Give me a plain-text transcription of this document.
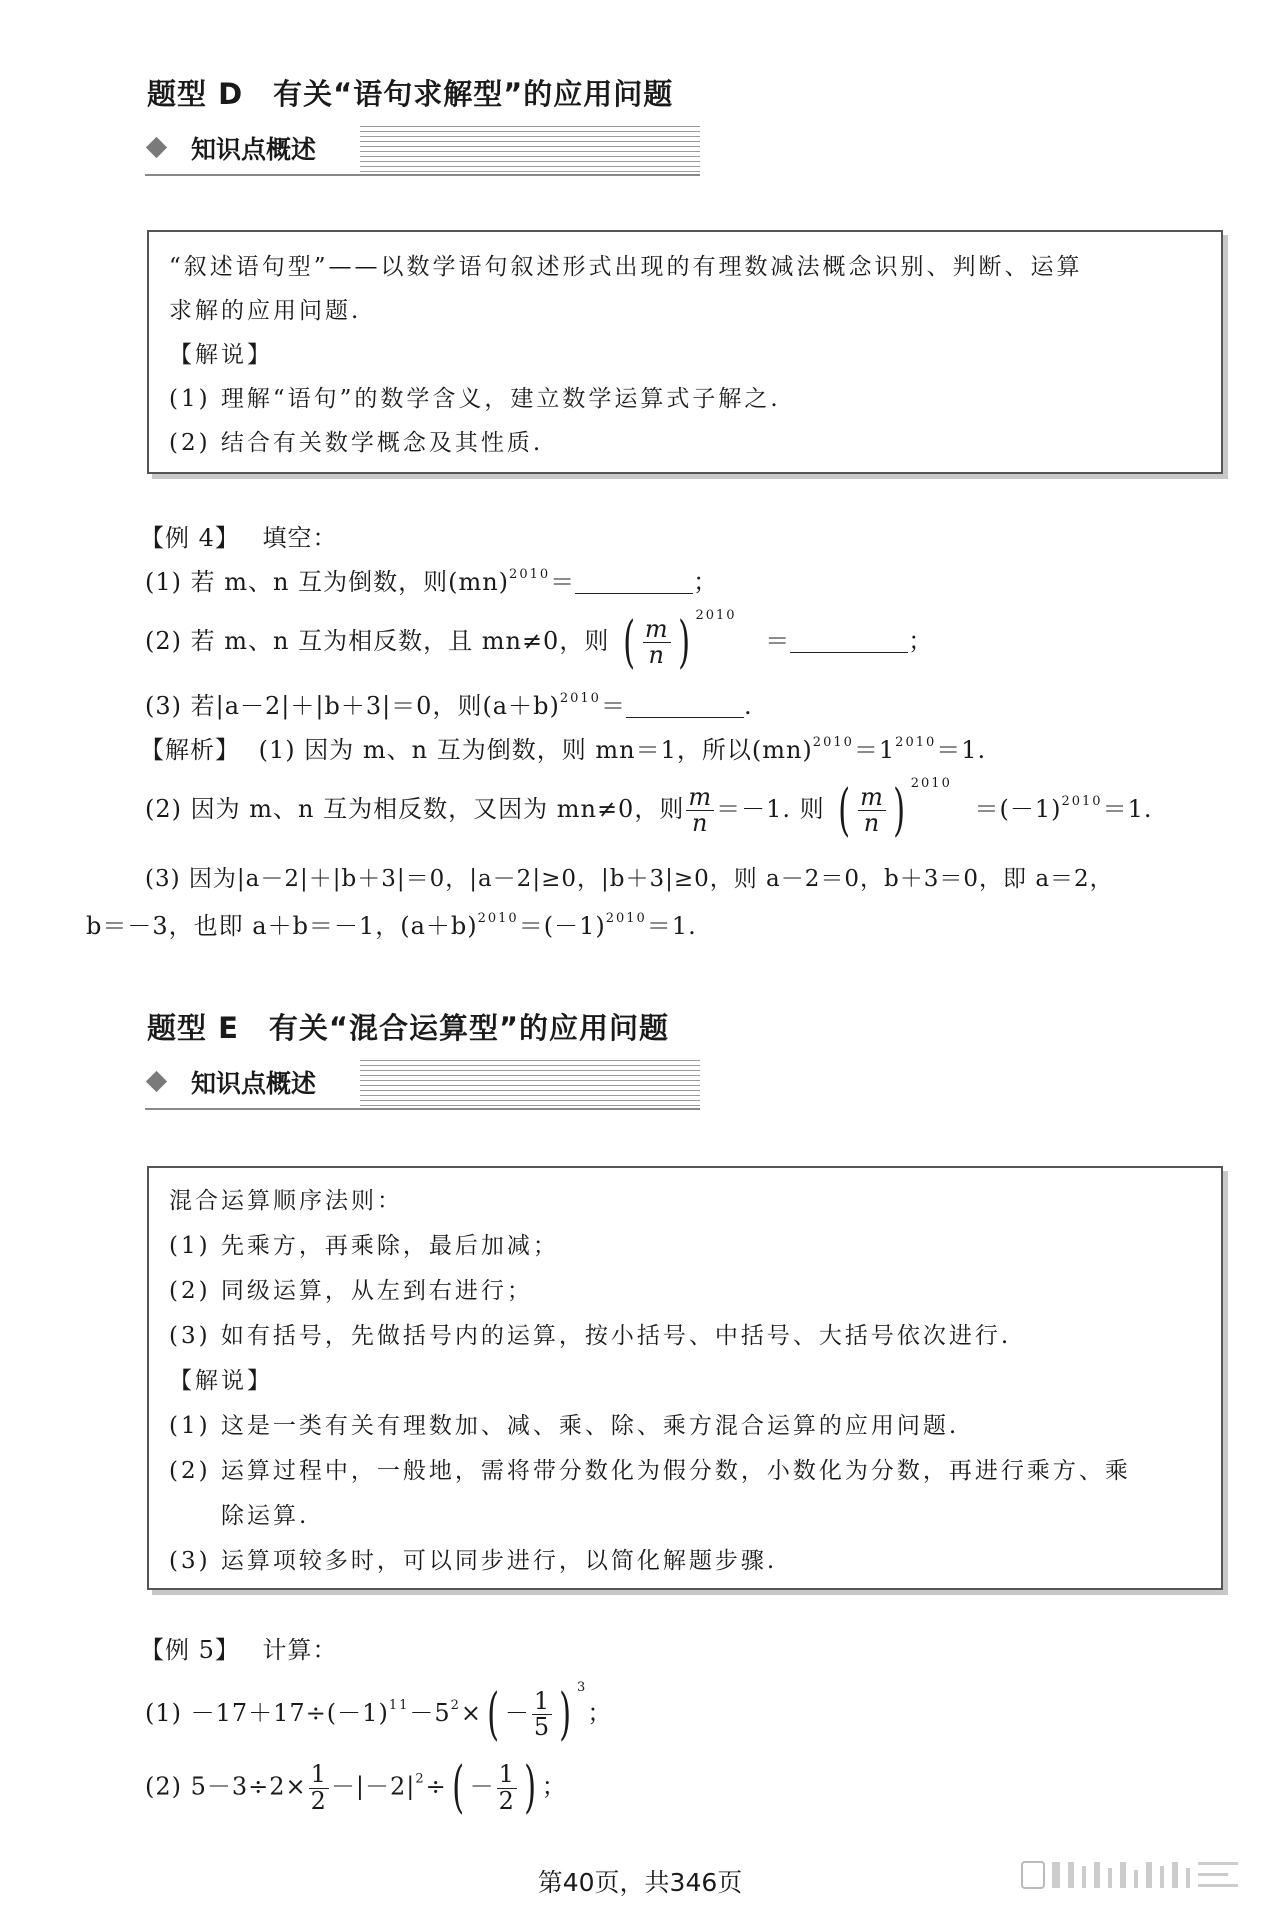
题型 D　有关“语句求解型”的应用问题
知识点概述
“叙述语句型”——以数学语句叙述形式出现的有理数减法概念识别、判断、运算
求解的应用问题.
【解说】
(1) 理解“语句”的数学含义，建立数学运算式子解之.
(2) 结合有关数学概念及其性质.
【例 4】 填空：
(1) 若 m、n 互为倒数，则(mn)$^{2010}$＝	；
(2) 若 m、n 互为相反数，且 mn≠0，则 ( $\frac{m}{n}$ ) $^{2010}$ ＝	；
(3) 若|a－2|＋|b＋3|＝0，则$(a+b)^{2010}=$	.
【解析】 (1) 因为 m、n 互为倒数，则 mn＝1，所以$(mn)^{2010}=1^{2010}=1$.
(2) 因为 m、n 互为相反数，又因为 mn≠0，则 $\frac{m}{n} =-1$. 则 ( $\frac{m}{n}$ ) $^{2010} =(-1)^{2010}=1$.
(3) 因为|a－2|＋|b＋3|＝0，|a－2|≥0，|b＋3|≥0，则 a－2＝0，b＋3＝0，即 a＝2，
b＝－3，也即 a＋b＝－1，$(a+b)^{2010}=(-1)^{2010}=1$.
题型 E　有关“混合运算型”的应用问题
知识点概述
混合运算顺序法则：
(1) 先乘方，再乘除，最后加减；
(2) 同级运算，从左到右进行；
(3) 如有括号，先做括号内的运算，按小括号、中括号、大括号依次进行.
【解说】
(1) 这是一类有关有理数加、减、乘、除、乘方混合运算的应用问题.
(2) 运算过程中，一般地，需将带分数化为假分数，小数化为分数，再进行乘方、乘
　　除运算.
(3) 运算项较多时，可以同步进行，以简化解题步骤.
【例 5】 计算：
$(1) -17+17\div(-1)^{11}-5^2\times( - \frac{1}{5}$ ) $^3$；
(2) $5-3\div 2\times \frac{1}{2} -|-2|^2\div( - \frac{1}{2}$ ) ；
第40页，共346页
